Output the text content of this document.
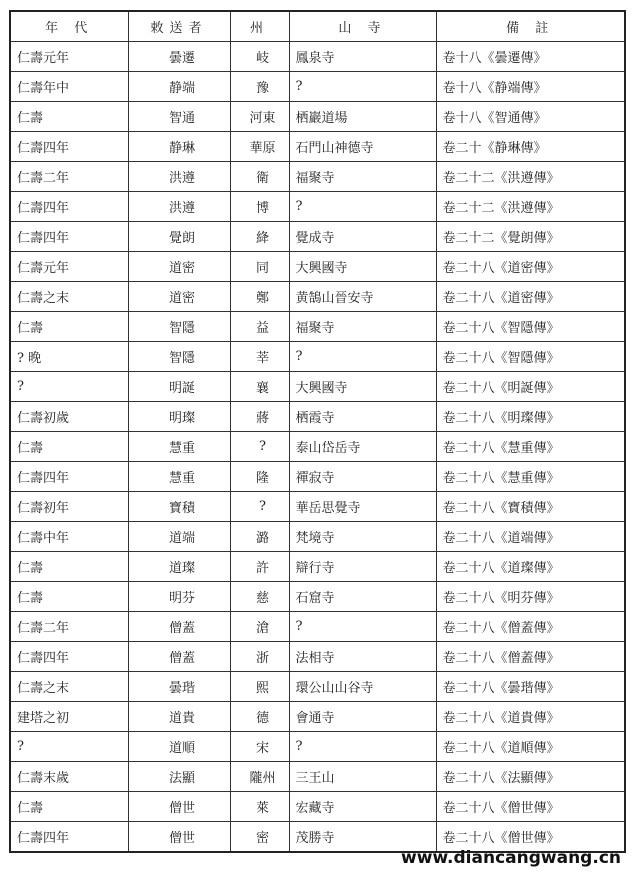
年 代	敕送者	州	山 寺	備 註
仁壽元年	曇遷	岐	鳳泉寺	卷十八《曇遷傳》
仁壽年中	静端	豫	?	卷十八《静端傳》
仁壽	智通	河東	栖巖道場	卷十八《智通傳》
仁壽四年	静琳	華原	石門山神德寺	卷二十《静琳傳》
仁壽二年	洪遵	衛	福聚寺	卷二十二《洪遵傳》
仁壽四年	洪遵	博	?	卷二十二《洪遵傳》
仁壽四年	覺朗	絳	覺成寺	卷二十二《覺朗傳》
仁壽元年	道密	同	大興國寺	卷二十八《道密傳》
仁壽之末	道密	鄭	黄鵠山晉安寺	卷二十八《道密傳》
仁壽	智隱	益	福聚寺	卷二十八《智隱傳》
? 晚	智隱	莘	?	卷二十八《智隱傳》
?	明誕	襄	大興國寺	卷二十八《明誕傳》
仁壽初歲	明璨	蔣	栖霞寺	卷二十八《明璨傳》
仁壽	慧重	?	泰山岱岳寺	卷二十八《慧重傳》
仁壽四年	慧重	隆	禪寂寺	卷二十八《慧重傳》
仁壽初年	寶積	?	華岳思覺寺	卷二十八《寶積傳》
仁壽中年	道端	潞	梵境寺	卷二十八《道端傳》
仁壽	道璨	許	辯行寺	卷二十八《道璨傳》
仁壽	明芬	慈	石窟寺	卷二十八《明芬傳》
仁壽二年	僧蓋	滄	?	卷二十八《僧蓋傳》
仁壽四年	僧蓋	浙	法相寺	卷二十八《僧蓋傳》
仁壽之末	曇瑎	熙	環公山山谷寺	卷二十八《曇瑎傳》
建塔之初	道貴	德	會通寺	卷二十八《道貴傳》
?	道順	宋	?	卷二十八《道順傳》
仁壽末歲	法顯	隴州	三王山	卷二十八《法顯傳》
仁壽	僧世	萊	宏藏寺	卷二十八《僧世傳》
仁壽四年	僧世	密	茂勝寺	卷二十八《僧世傳》
www.diancangwang.cn
